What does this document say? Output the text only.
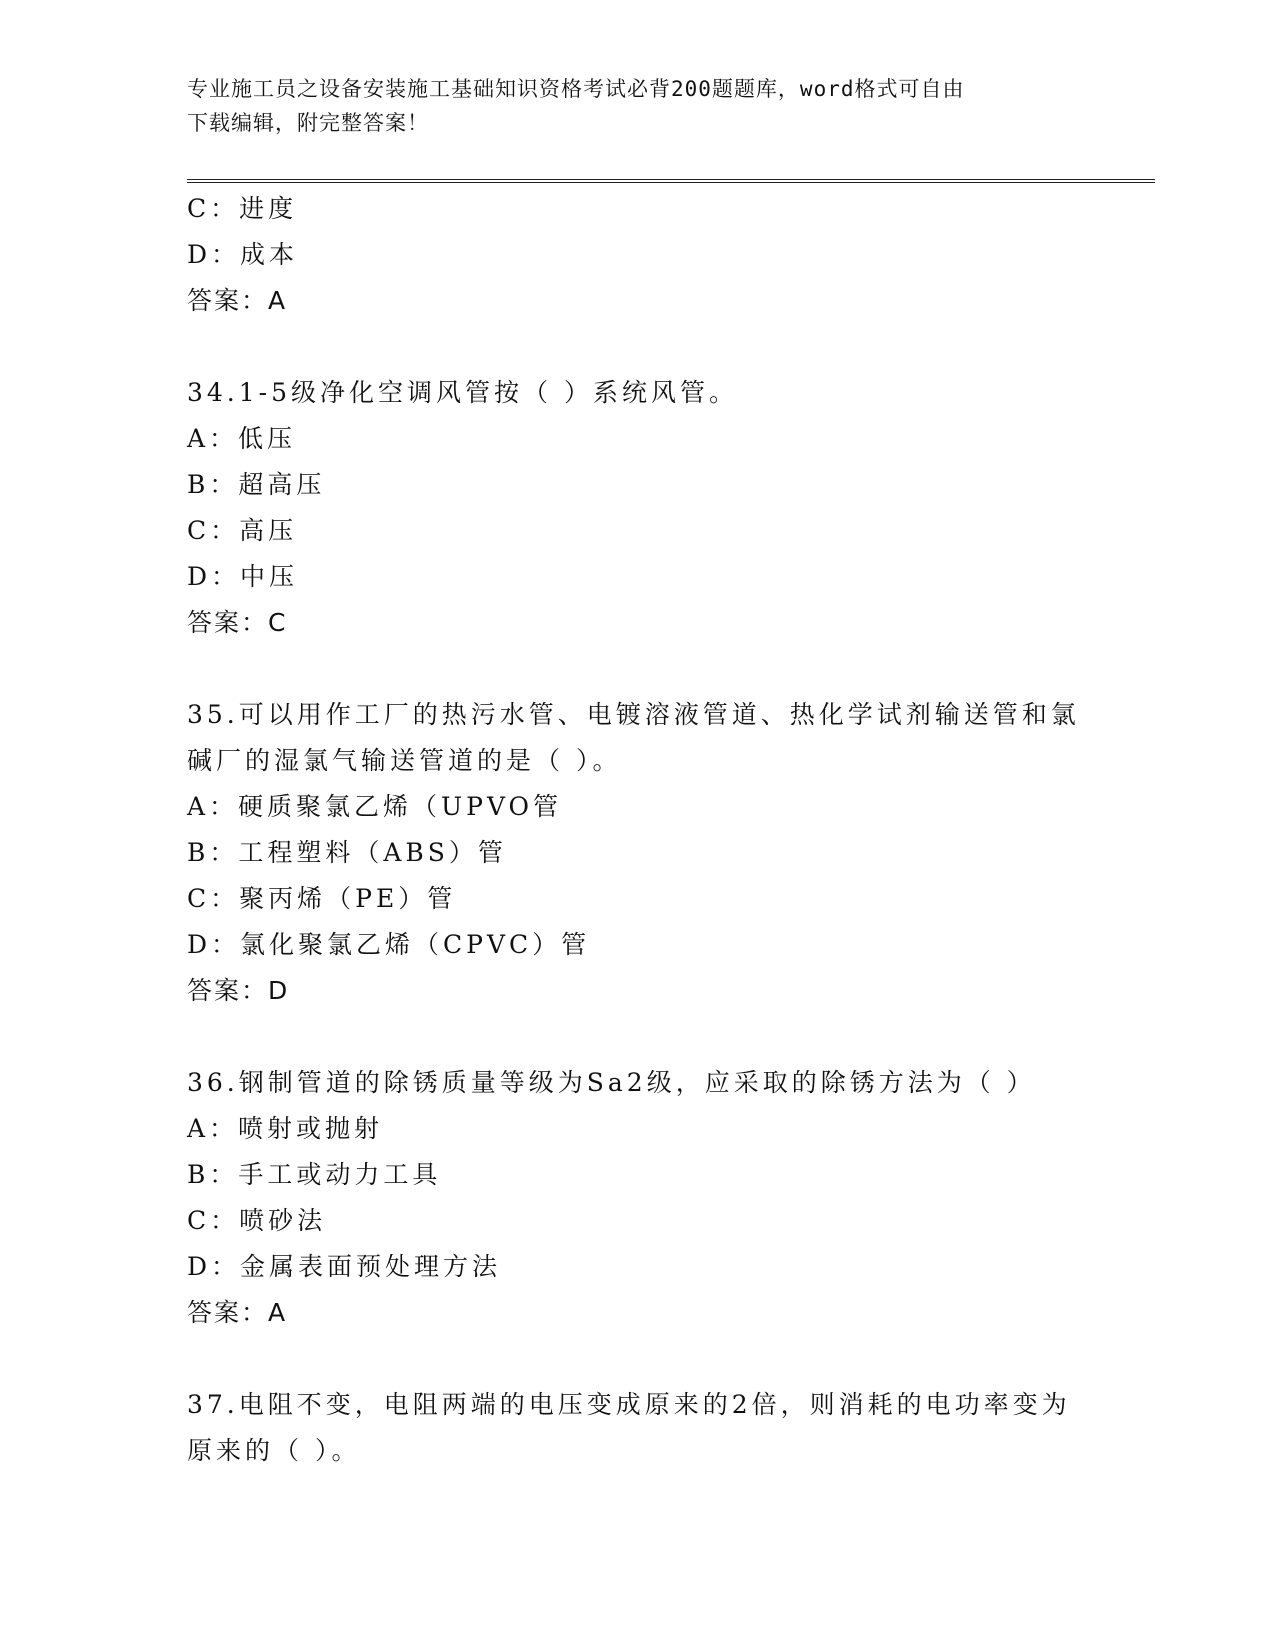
专业施工员之设备安装施工基础知识资格考试必背200题题库，word格式可自由
下载编辑，附完整答案！
C：进度
D：成本
答案：A
34.1-5级净化空调风管按（ ）系统风管。
A：低压
B：超高压
C：高压
D：中压
答案：C
35.可以用作工厂的热污水管、电镀溶液管道、热化学试剂输送管和氯
碱厂的湿氯气输送管道的是（ ）。
A：硬质聚氯乙烯（UPVO管
B：工程塑料（ABS）管
C：聚丙烯（PE）管
D：氯化聚氯乙烯（CPVC）管
答案：D
36.钢制管道的除锈质量等级为Sa2级，应采取的除锈方法为（ ）
A：喷射或抛射
B：手工或动力工具
C：喷砂法
D：金属表面预处理方法
答案：A
37.电阻不变，电阻两端的电压变成原来的2倍，则消耗的电功率变为
原来的（ ）。
